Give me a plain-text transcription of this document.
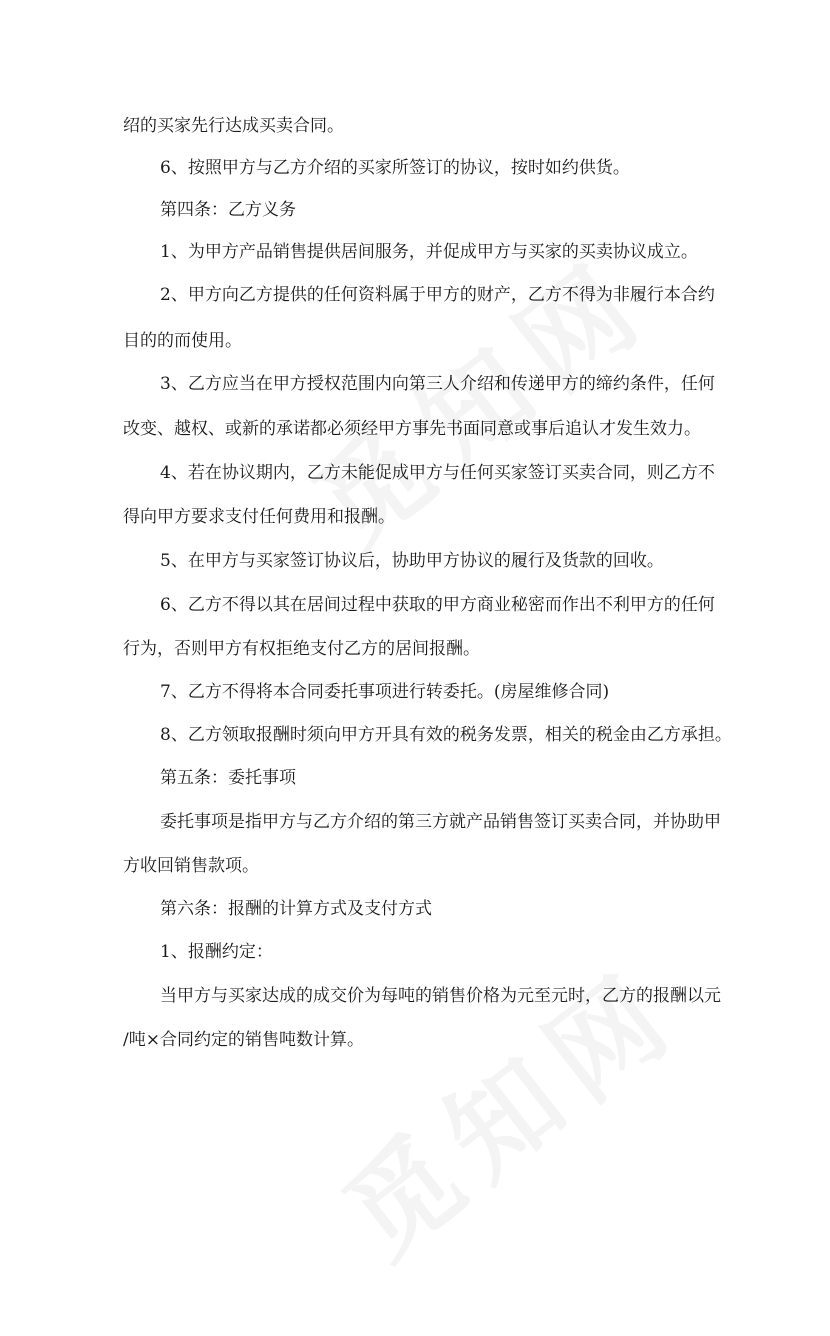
绍的买家先行达成买卖合同。
6、按照甲方与乙方介绍的买家所签订的协议，按时如约供货。
第四条：乙方义务
1、为甲方产品销售提供居间服务，并促成甲方与买家的买卖协议成立。
2、甲方向乙方提供的任何资料属于甲方的财产，乙方不得为非履行本合约
目的的而使用。
3、乙方应当在甲方授权范围内向第三人介绍和传递甲方的缔约条件，任何
改变、越权、或新的承诺都必须经甲方事先书面同意或事后追认才发生效力。
4、若在协议期内，乙方未能促成甲方与任何买家签订买卖合同，则乙方不
得向甲方要求支付任何费用和报酬。
5、在甲方与买家签订协议后，协助甲方协议的履行及货款的回收。
6、乙方不得以其在居间过程中获取的甲方商业秘密而作出不利甲方的任何
行为，否则甲方有权拒绝支付乙方的居间报酬。
7、乙方不得将本合同委托事项进行转委托。(房屋维修合同)
8、乙方领取报酬时须向甲方开具有效的税务发票，相关的税金由乙方承担。
第五条：委托事项
委托事项是指甲方与乙方介绍的第三方就产品销售签订买卖合同，并协助甲
方收回销售款项。
第六条：报酬的计算方式及支付方式
1、报酬约定：
当甲方与买家达成的成交价为每吨的销售价格为元至元时，乙方的报酬以元
/吨×合同约定的销售吨数计算。
